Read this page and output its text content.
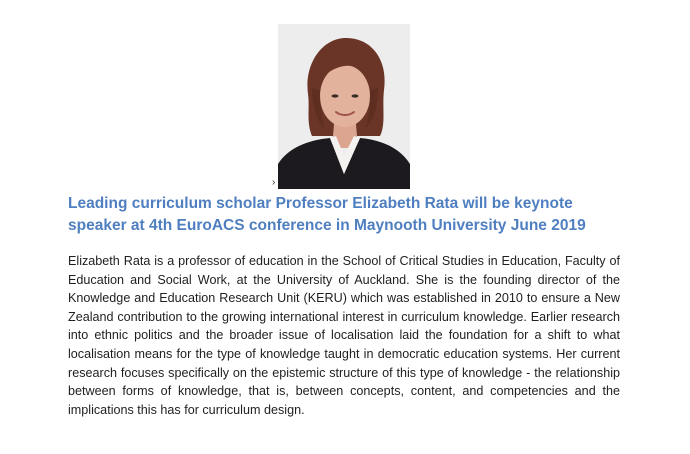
›
Leading curriculum scholar Professor Elizabeth Rata will be keynote speaker at 4th EuroACS conference in Maynooth University June 2019

Elizabeth Rata is a professor of education in the School of Critical Studies in Education, Faculty of Education and Social Work, at the University of Auckland. She is the founding director of the Knowledge and Education Research Unit (KERU) which was established in 2010 to ensure a New Zealand contribution to the growing international interest in curriculum knowledge. Earlier research into ethnic politics and the broader issue of localisation laid the foundation for a shift to what localisation means for the type of knowledge taught in democratic education systems. Her current research focuses specifically on the epistemic structure of this type of knowledge - the relationship between forms of knowledge, that is, between concepts, content, and competencies and the implications this has for curriculum design.
